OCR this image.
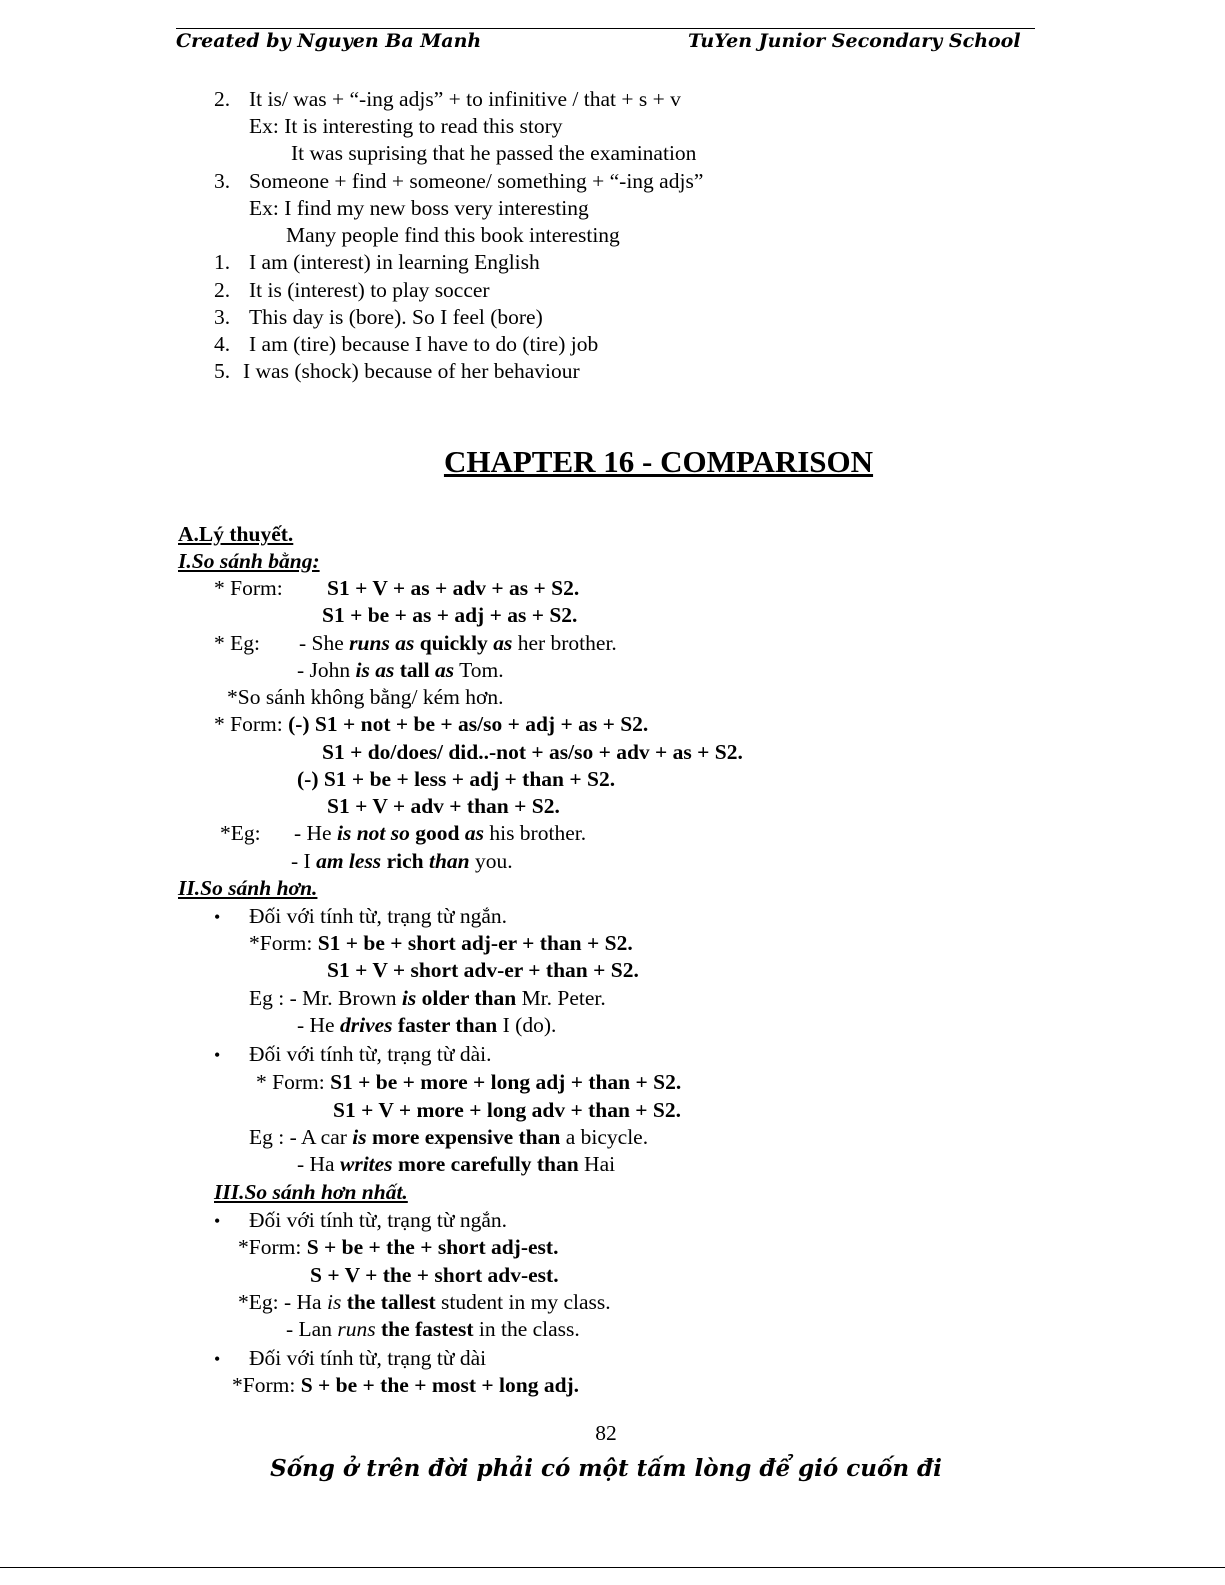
Created by Nguyen Ba Manh	TuYen Junior Secondary School
2. It is/ was + “-ing adjs” + to infinitive / that + s + v
Ex: It is interesting to read this story
It was suprising that he passed the examination
3. Someone + find + someone/ something + “-ing adjs”
Ex: I find my new boss very interesting
Many people find this book interesting
1. I am (interest) in learning English
2. It is (interest) to play soccer
3. This day is (bore). So I feel (bore)
4. I am (tire) because I have to do (tire) job
5. I was (shock) because of her behaviour
CHAPTER 16 - COMPARISON
A.Lý thuyết.
I.So sánh bằng:
* Form: S1 + V + as + adv + as + S2.
S1 + be + as + adj + as + S2.
* Eg: - She runs as quickly as her brother.
- John is as tall as Tom.
*So sánh không bằng/ kém hơn.
* Form: (-) S1 + not + be + as/so + adj + as + S2.
S1 + do/does/ did..-not + as/so + adv + as + S2.
(-) S1 + be + less + adj + than + S2.
S1 + V + adv + than + S2.
*Eg: - He is not so good as his brother.
- I am less rich than you.
II.So sánh hơn.
• Đối với tính từ, trạng từ ngắn.
*Form: S1 + be + short adj-er + than + S2.
S1 + V + short adv-er + than + S2.
Eg : - Mr. Brown is older than Mr. Peter.
- He drives faster than I (do).
• Đối với tính từ, trạng từ dài.
* Form: S1 + be + more + long adj + than + S2.
S1 + V + more + long adv + than + S2.
Eg : - A car is more expensive than a bicycle.
- Ha writes more carefully than Hai
III.So sánh hơn nhất.
• Đối với tính từ, trạng từ ngắn.
*Form: S + be + the + short adj-est.
S + V + the + short adv-est.
*Eg: - Ha is the tallest student in my class.
- Lan runs the fastest in the class.
• Đối với tính từ, trạng từ dài
*Form: S + be + the + most + long adj.
82
Sống ở trên đời phải có một tấm lòng để gió cuốn đi
